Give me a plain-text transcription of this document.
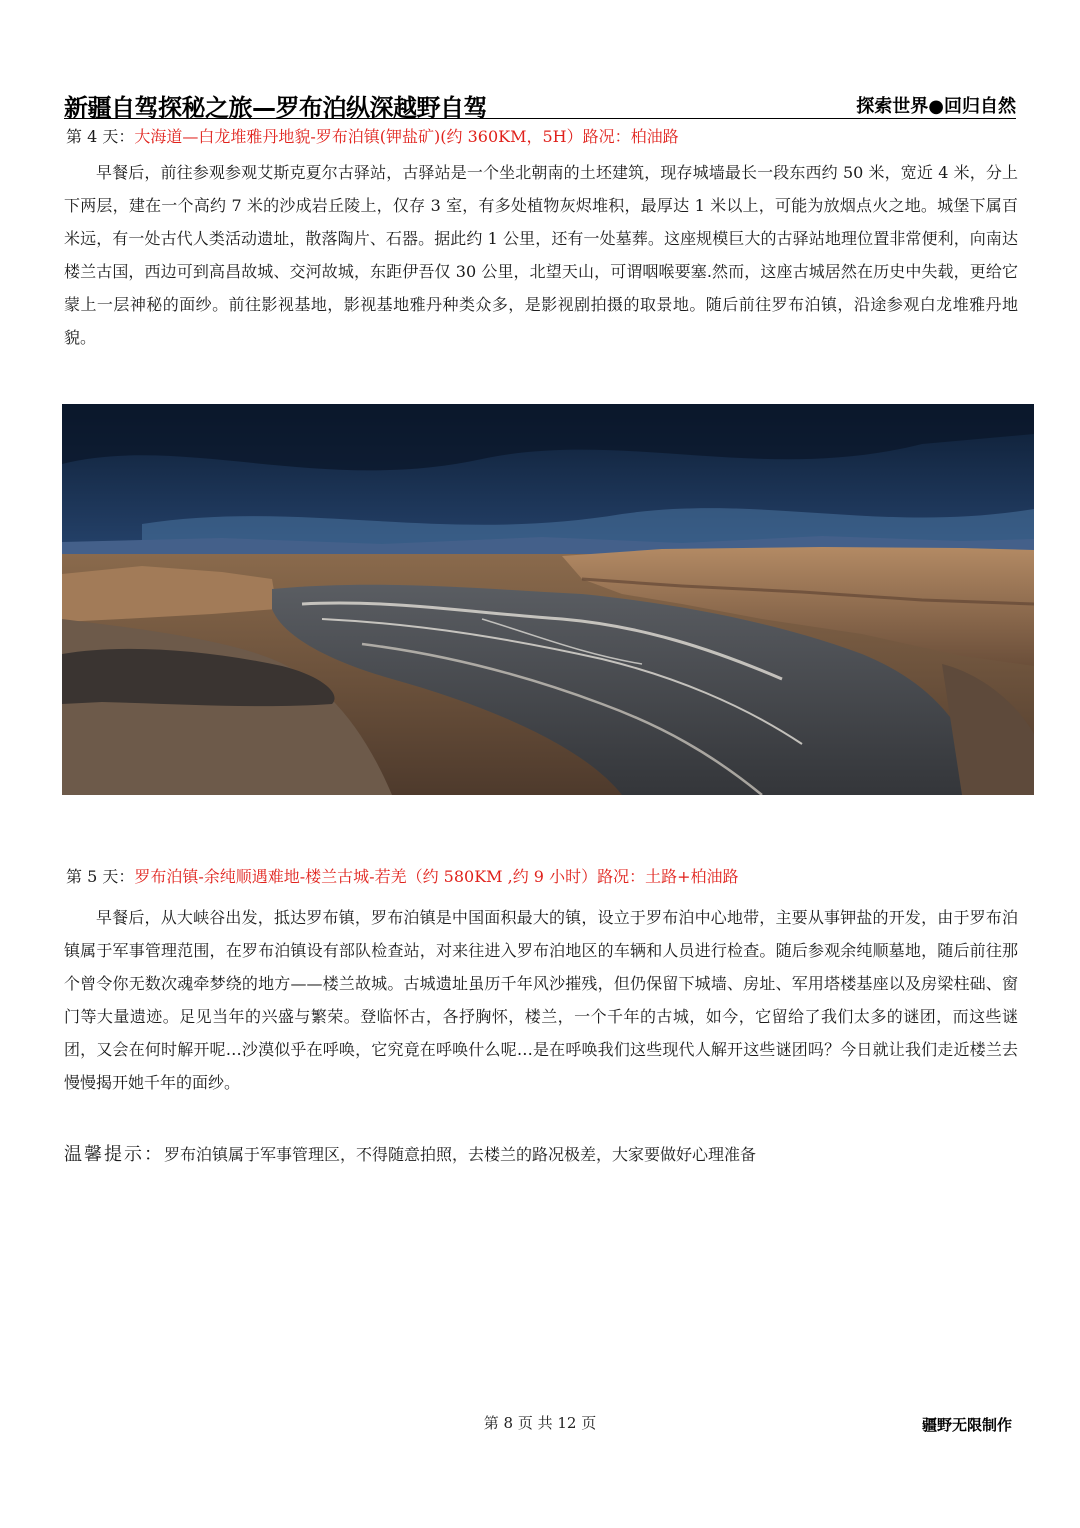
新疆自驾探秘之旅—罗布泊纵深越野自驾	探索世界●回归自然
第 4 天：大海道—白龙堆雅丹地貌-罗布泊镇(钾盐矿)(约 360KM，5H）路况：柏油路

早餐后，前往参观参观艾斯克夏尔古驿站，古驿站是一个坐北朝南的土坯建筑，现存城墙最长一段东西约 50 米，宽近 4 米，分上下两层，建在一个高约 7 米的沙成岩丘陵上，仅存 3 室，有多处植物灰烬堆积，最厚达 1 米以上，可能为放烟点火之地。城堡下属百米远，有一处古代人类活动遗址，散落陶片、石器。据此约 1 公里，还有一处墓葬。这座规模巨大的古驿站地理位置非常便利，向南达楼兰古国，西边可到高昌故城、交河故城，东距伊吾仅 30 公里，北望天山，可谓咽喉要塞.然而，这座古城居然在历史中失载，更给它蒙上一层神秘的面纱。前往影视基地，影视基地雅丹种类众多，是影视剧拍摄的取景地。随后前往罗布泊镇，沿途参观白龙堆雅丹地貌。

第 5 天：罗布泊镇-余纯顺遇难地-楼兰古城-若羌（约 580KM ,约 9 小时）路况：土路+柏油路

早餐后，从大峡谷出发，抵达罗布镇，罗布泊镇是中国面积最大的镇，设立于罗布泊中心地带，主要从事钾盐的开发，由于罗布泊镇属于军事管理范围，在罗布泊镇设有部队检查站，对来往进入罗布泊地区的车辆和人员进行检查。随后参观余纯顺墓地，随后前往那个曾令你无数次魂牵梦绕的地方——楼兰故城。古城遗址虽历千年风沙摧残，但仍保留下城墙、房址、军用塔楼基座以及房梁柱础、窗门等大量遗迹。足见当年的兴盛与繁荣。登临怀古，各抒胸怀，楼兰，一个千年的古城，如今，它留给了我们太多的谜团，而这些谜团，又会在何时解开呢…沙漠似乎在呼唤，它究竟在呼唤什么呢…是在呼唤我们这些现代人解开这些谜团吗？今日就让我们走近楼兰去慢慢揭开她千年的面纱。

温馨提示：罗布泊镇属于军事管理区，不得随意拍照，去楼兰的路况极差，大家要做好心理准备
第 8 页 共 12 页	疆野无限制作
